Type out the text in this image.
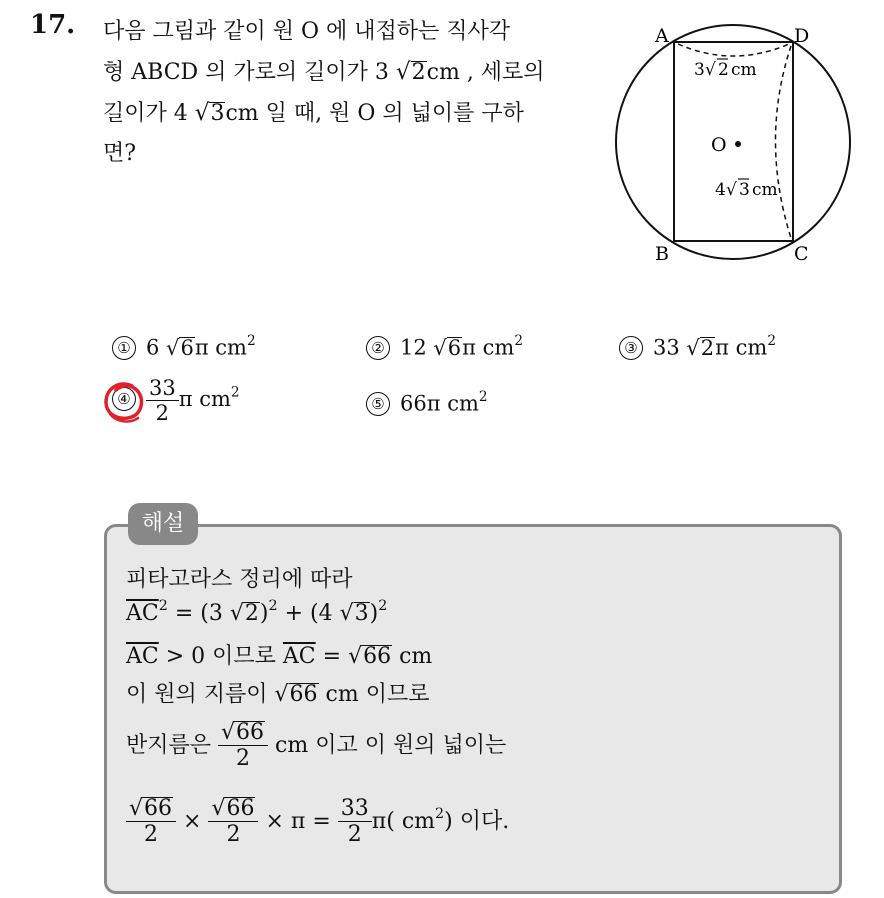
17. 다음 그림과 같이 원 O 에 내접하는 직사각

형 ABCD 의 가로의 길이가 3 √2cm , 세로의

길이가 4 √3cm 일 때, 원 O 의 넓이를 구하

면?

A	D
B	C
O
3 √ 2 cm
4 √ 3 cm
① 6 √6π $cm^2$	② 12 √6π $cm^2$	③ 33 √2π $cm^2$
④ $\frac{33}{2}$ π $cm^2$
⑤ 66π $cm^2$
해설
피타고라스 정리에 따라
$\overline{AC}^2 = (3$ √2)$^2$ + (4 √3)$^2$
$\overline{AC} > 0$ 이므로 $\overline{AC} = √66$ cm
이 원의 지름이 √66 cm 이므로
반지름은 $\frac{√66}{2}$ cm 이고 이 원의 넓이는
$\frac{√66}{2} \times \frac{√66}{2} \times \pi = \frac{33}{2} \pi$( $cm^2$) 이다.
